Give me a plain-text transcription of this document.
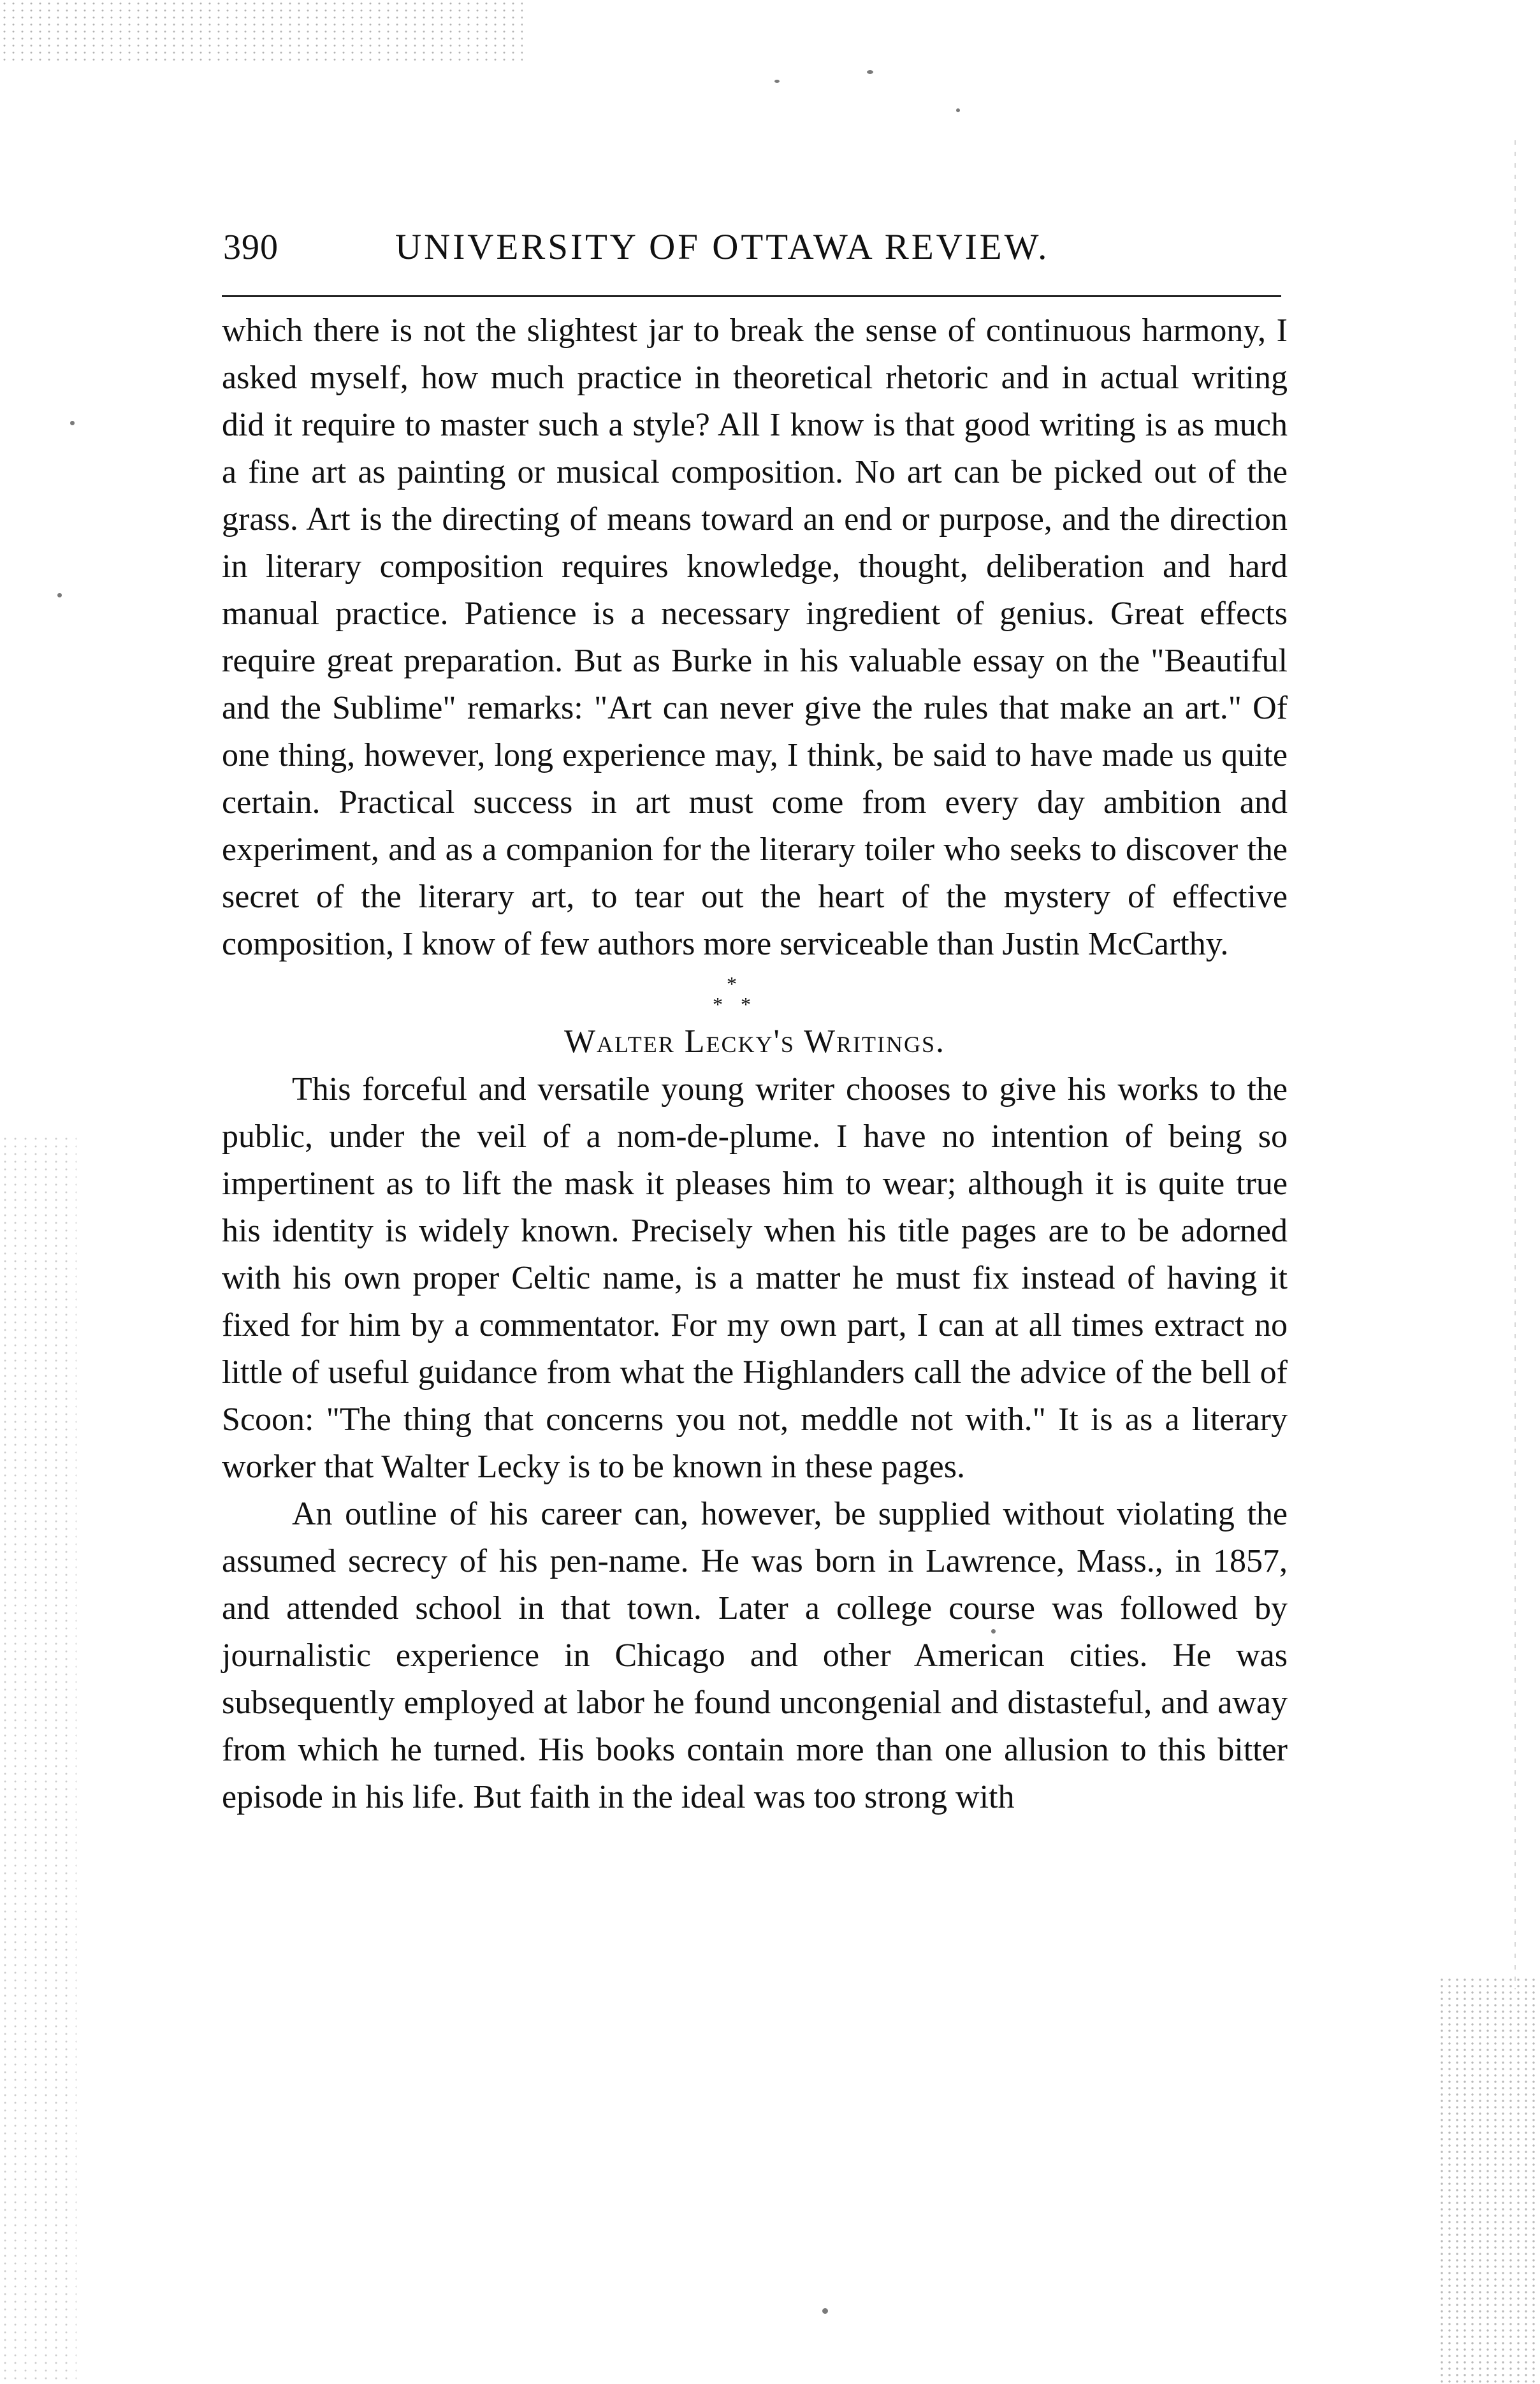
390	UNIVERSITY OF OTTAWA REVIEW.

which there is not the slightest jar to break the sense of continuous harmony, I asked myself, how much practice in theoretical rhetoric and in actual writing did it require to master such a style? All I know is that good writing is as much a fine art as painting or musical composition. No art can be picked out of the grass. Art is the directing of means toward an end or purpose, and the direction in literary composition requires knowledge, thought, deliberation and hard manual practice. Patience is a necessary ingredient of genius. Great effects require great preparation. But as Burke in his valuable essay on the "Beautiful and the Sublime" remarks: "Art can never give the rules that make an art." Of one thing, however, long experience may, I think, be said to have made us quite certain. Practical success in art must come from every day ambition and experiment, and as a companion for the literary toiler who seeks to discover the secret of the literary art, to tear out the heart of the mystery of effective composition, I know of few authors more serviceable than Justin McCarthy.

*
* *

Walter Lecky's Writings.

This forceful and versatile young writer chooses to give his works to the public, under the veil of a nom-de-plume. I have no intention of being so impertinent as to lift the mask it pleases him to wear; although it is quite true his identity is widely known. Precisely when his title pages are to be adorned with his own proper Celtic name, is a matter he must fix instead of having it fixed for him by a commentator. For my own part, I can at all times extract no little of useful guidance from what the Highlanders call the advice of the bell of Scoon: "The thing that concerns you not, meddle not with." It is as a literary worker that Walter Lecky is to be known in these pages.

An outline of his career can, however, be supplied without violating the assumed secrecy of his pen-name. He was born in Lawrence, Mass., in 1857, and attended school in that town. Later a college course was followed by journalistic experience in Chicago and other American cities. He was subsequently employed at labor he found uncongenial and distasteful, and away from which he turned. His books contain more than one allusion to this bitter episode in his life. But faith in the ideal was too strong with
